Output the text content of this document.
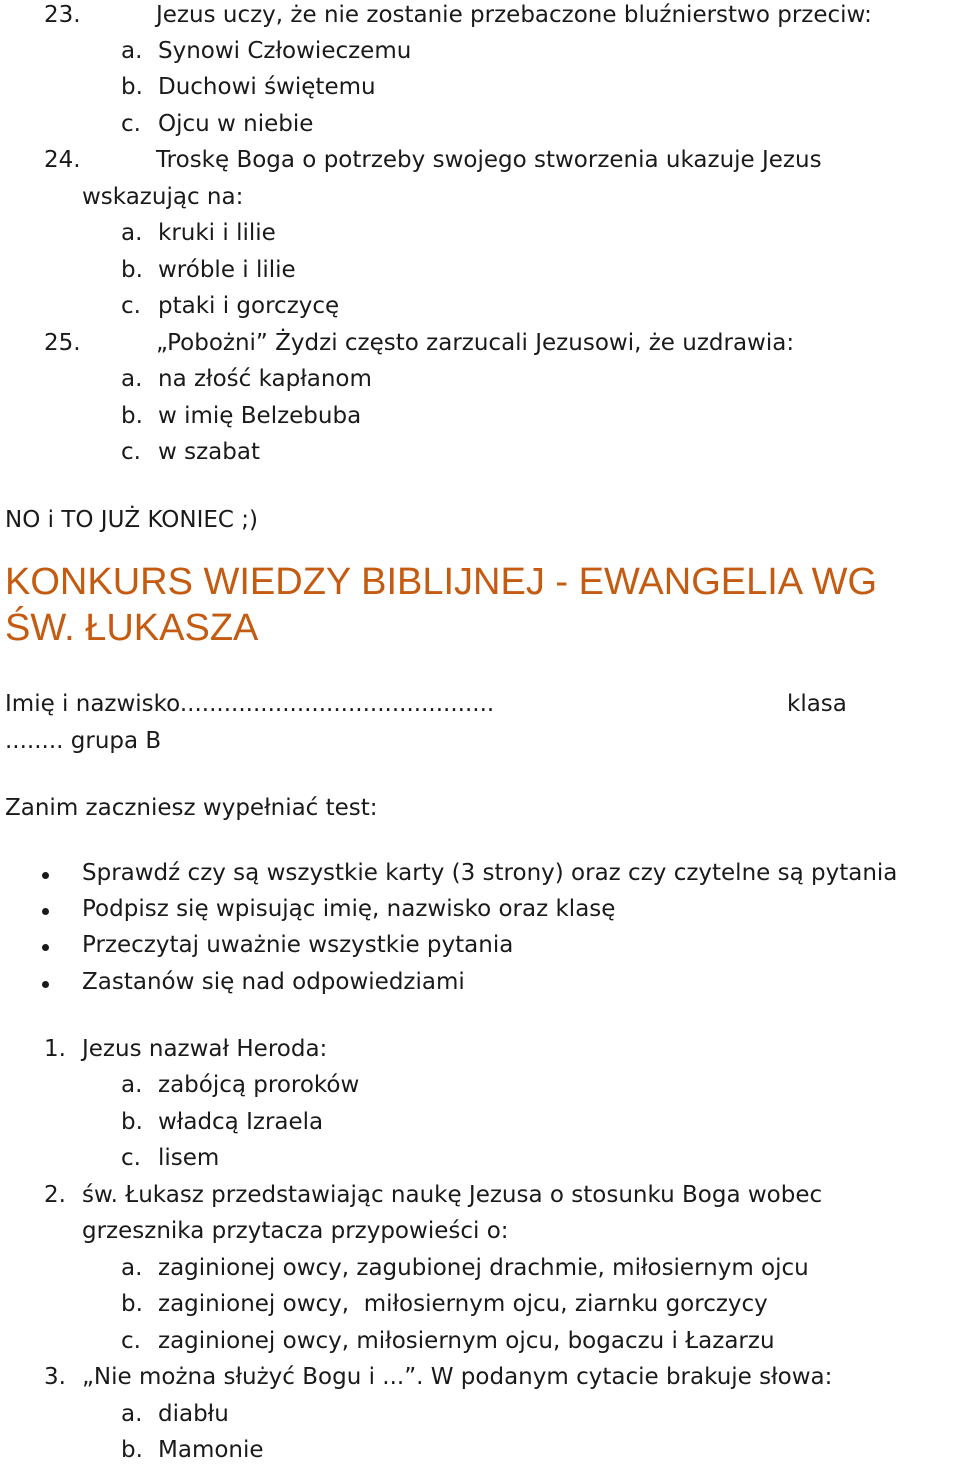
23.	Jezus uczy, że nie zostanie przebaczone bluźnierstwo przeciw:
a. Synowi Człowieczemu
b. Duchowi świętemu
c. Ojcu w niebie
24.	Troskę Boga o potrzeby swojego stworzenia ukazuje Jezus
wskazując na:
a. kruki i lilie
b. wróble i lilie
c. ptaki i gorczycę
25.	„Pobożni” Żydzi często zarzucali Jezusowi, że uzdrawia:
a. na złość kapłanom
b. w imię Belzebuba
c. w szabat
NO i TO JUŻ KONIEC ;)
KONKURS WIEDZY BIBLIJNEJ - EWANGELIA WG
ŚW. ŁUKASZA
Imię i nazwisko...........................................	klasa
........ grupa B
Zanim zaczniesz wypełniać test:
Sprawdź czy są wszystkie karty (3 strony) oraz czy czytelne są pytania
Podpisz się wpisując imię, nazwisko oraz klasę
Przeczytaj uważnie wszystkie pytania
Zastanów się nad odpowiedziami
1. Jezus nazwał Heroda:
a. zabójcą proroków
b. władcą Izraela
c. lisem
2. św. Łukasz przedstawiając naukę Jezusa o stosunku Boga wobec
grzesznika przytacza przypowieści o:
a. zaginionej owcy, zagubionej drachmie, miłosiernym ojcu
b. zaginionej owcy,  miłosiernym ojcu, ziarnku gorczycy
c. zaginionej owcy, miłosiernym ojcu, bogaczu i Łazarzu
3. „Nie można służyć Bogu i ...”. W podanym cytacie brakuje słowa:
a. diabłu
b. Mamonie
